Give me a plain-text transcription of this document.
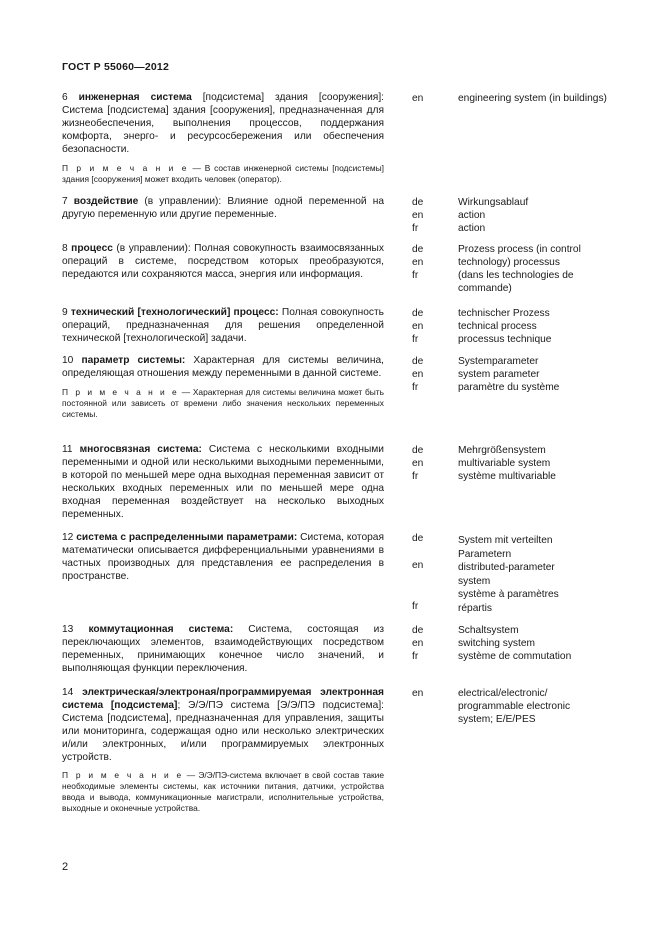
ГОСТ Р 55060—2012

6 инженерная система [подсистема] здания [сооружения]: Система [подсистема] здания [сооружения], предназначенная для жизнеобеспечения, выполнения процессов, поддержания комфорта, энерго- и ресурсосбережения или обеспечения безопасности.

П р и м е ч а н и е — В состав инженерной системы [подсистемы] здания [сооружения] может входить человек (оператор).

en	engineering system (in buildings)

7 воздействие (в управлении): Влияние одной переменной на другую переменную или другие переменные.

de
en
fr
Wirkungsablauf
action
action

8 процесс (в управлении): Полная совокупность взаимосвязанных операций в системе, посредством которых преобразуются, передаются или сохраняются масса, энергия или информация.

de
en
fr
Prozess process (in control
technology) processus
(dans les technologies de
commande)

9 технический [технологический] процесс: Полная совокупность операций, предназначенная для решения определенной технической [технологической] задачи.

de
en
fr
technischer Prozess
technical process
processus technique

10 параметр системы: Характерная для системы величина, определяющая отношения между переменными в данной системе.

П р и м е ч а н и е — Характерная для системы величина может быть постоянной или зависеть от времени либо значения нескольких переменных системы.

de
en
fr
Systemparameter
system parameter
paramètre du système

11 многосвязная система: Система с несколькими входными переменными и одной или несколькими выходными переменными, в которой по меньшей мере одна выходная переменная зависит от нескольких входных переменных или по меньшей мере одна входная переменная воздействует на несколько выходных переменных.

de
en
fr
Mehrgrößensystem
multivariable system
système multivariable

12 система с распределенными параметрами: Система, которая математически описывается дифференциальными уравнениями в частных производных для представления ее распределения в пространстве.

de

en

fr
System mit verteilten
Parametern
distributed-parameter
system
système à paramètres
répartis

13 коммутационная система: Система, состоящая из переключающих элементов, взаимодействующих посредством переменных, принимающих конечное число значений, и выполняющая функции переключения.

de
en
fr
Schaltsystem
switching system
système de commutation

14 электрическая/электроная/программируемая электронная система [подсистема]; Э/Э/ПЭ система [Э/Э/ПЭ подсистема]: Система [подсистема], предназначенная для управления, защиты или мониторинга, содержащая одно или несколько электрических и/или электронных, и/или программируемых электронных устройств.

П р и м е ч а н и е — Э/Э/ПЭ-система включает в свой состав такие необходимые элементы системы, как источники питания, датчики, устройства ввода и вывода, коммуникационные магистрали, исполнительные устройства, выходные и оконечные устройства.

en	electrical/electronic/
programmable electronic
system; E/E/PES
2
